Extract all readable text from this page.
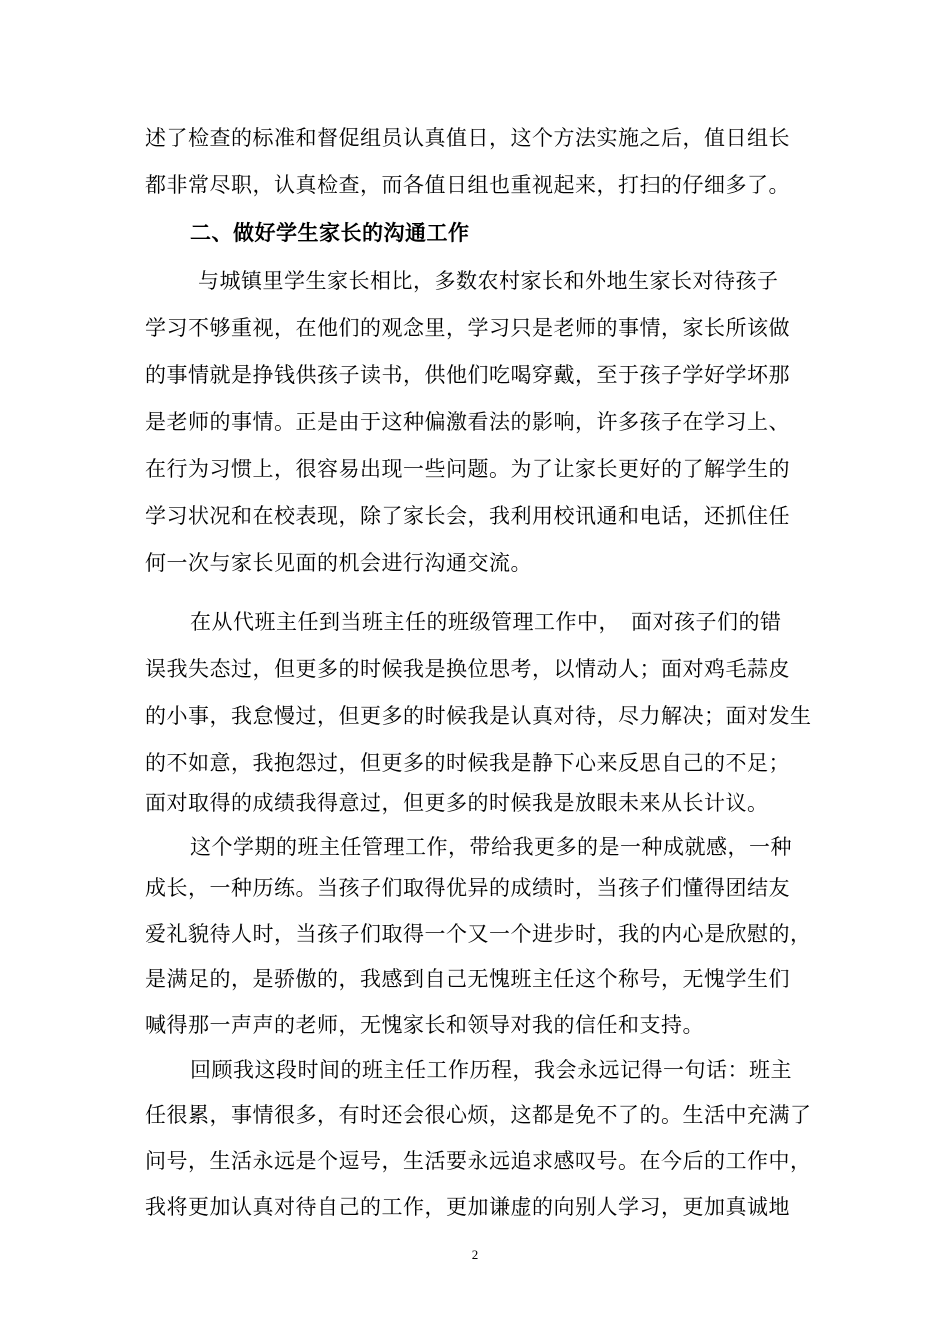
述了检查的标准和督促组员认真值日，这个方法实施之后，值日组长
都非常尽职，认真检查，而各值日组也重视起来，打扫的仔细多了。
二、做好学生家长的沟通工作
与城镇里学生家长相比，多数农村家长和外地生家长对待孩子
学习不够重视，在他们的观念里，学习只是老师的事情，家长所该做
的事情就是挣钱供孩子读书，供他们吃喝穿戴，至于孩子学好学坏那
是老师的事情。正是由于这种偏激看法的影响，许多孩子在学习上、
在行为习惯上，很容易出现一些问题。为了让家长更好的了解学生的
学习状况和在校表现，除了家长会，我利用校讯通和电话，还抓住任
何一次与家长见面的机会进行沟通交流。
在从代班主任到当班主任的班级管理工作中，　面对孩子们的错
误我失态过，但更多的时候我是换位思考，以情动人；面对鸡毛蒜皮
的小事，我怠慢过，但更多的时候我是认真对待，尽力解决；面对发生
的不如意，我抱怨过，但更多的时候我是静下心来反思自己的不足；
面对取得的成绩我得意过，但更多的时候我是放眼未来从长计议。
这个学期的班主任管理工作，带给我更多的是一种成就感，一种
成长，一种历练。当孩子们取得优异的成绩时，当孩子们懂得团结友
爱礼貌待人时，当孩子们取得一个又一个进步时，我的内心是欣慰的，
是满足的，是骄傲的，我感到自己无愧班主任这个称号，无愧学生们
喊得那一声声的老师，无愧家长和领导对我的信任和支持。
回顾我这段时间的班主任工作历程，我会永远记得一句话：班主
任很累，事情很多，有时还会很心烦，这都是免不了的。生活中充满了
问号，生活永远是个逗号，生活要永远追求感叹号。在今后的工作中，
我将更加认真对待自己的工作，更加谦虚的向别人学习，更加真诚地
2
